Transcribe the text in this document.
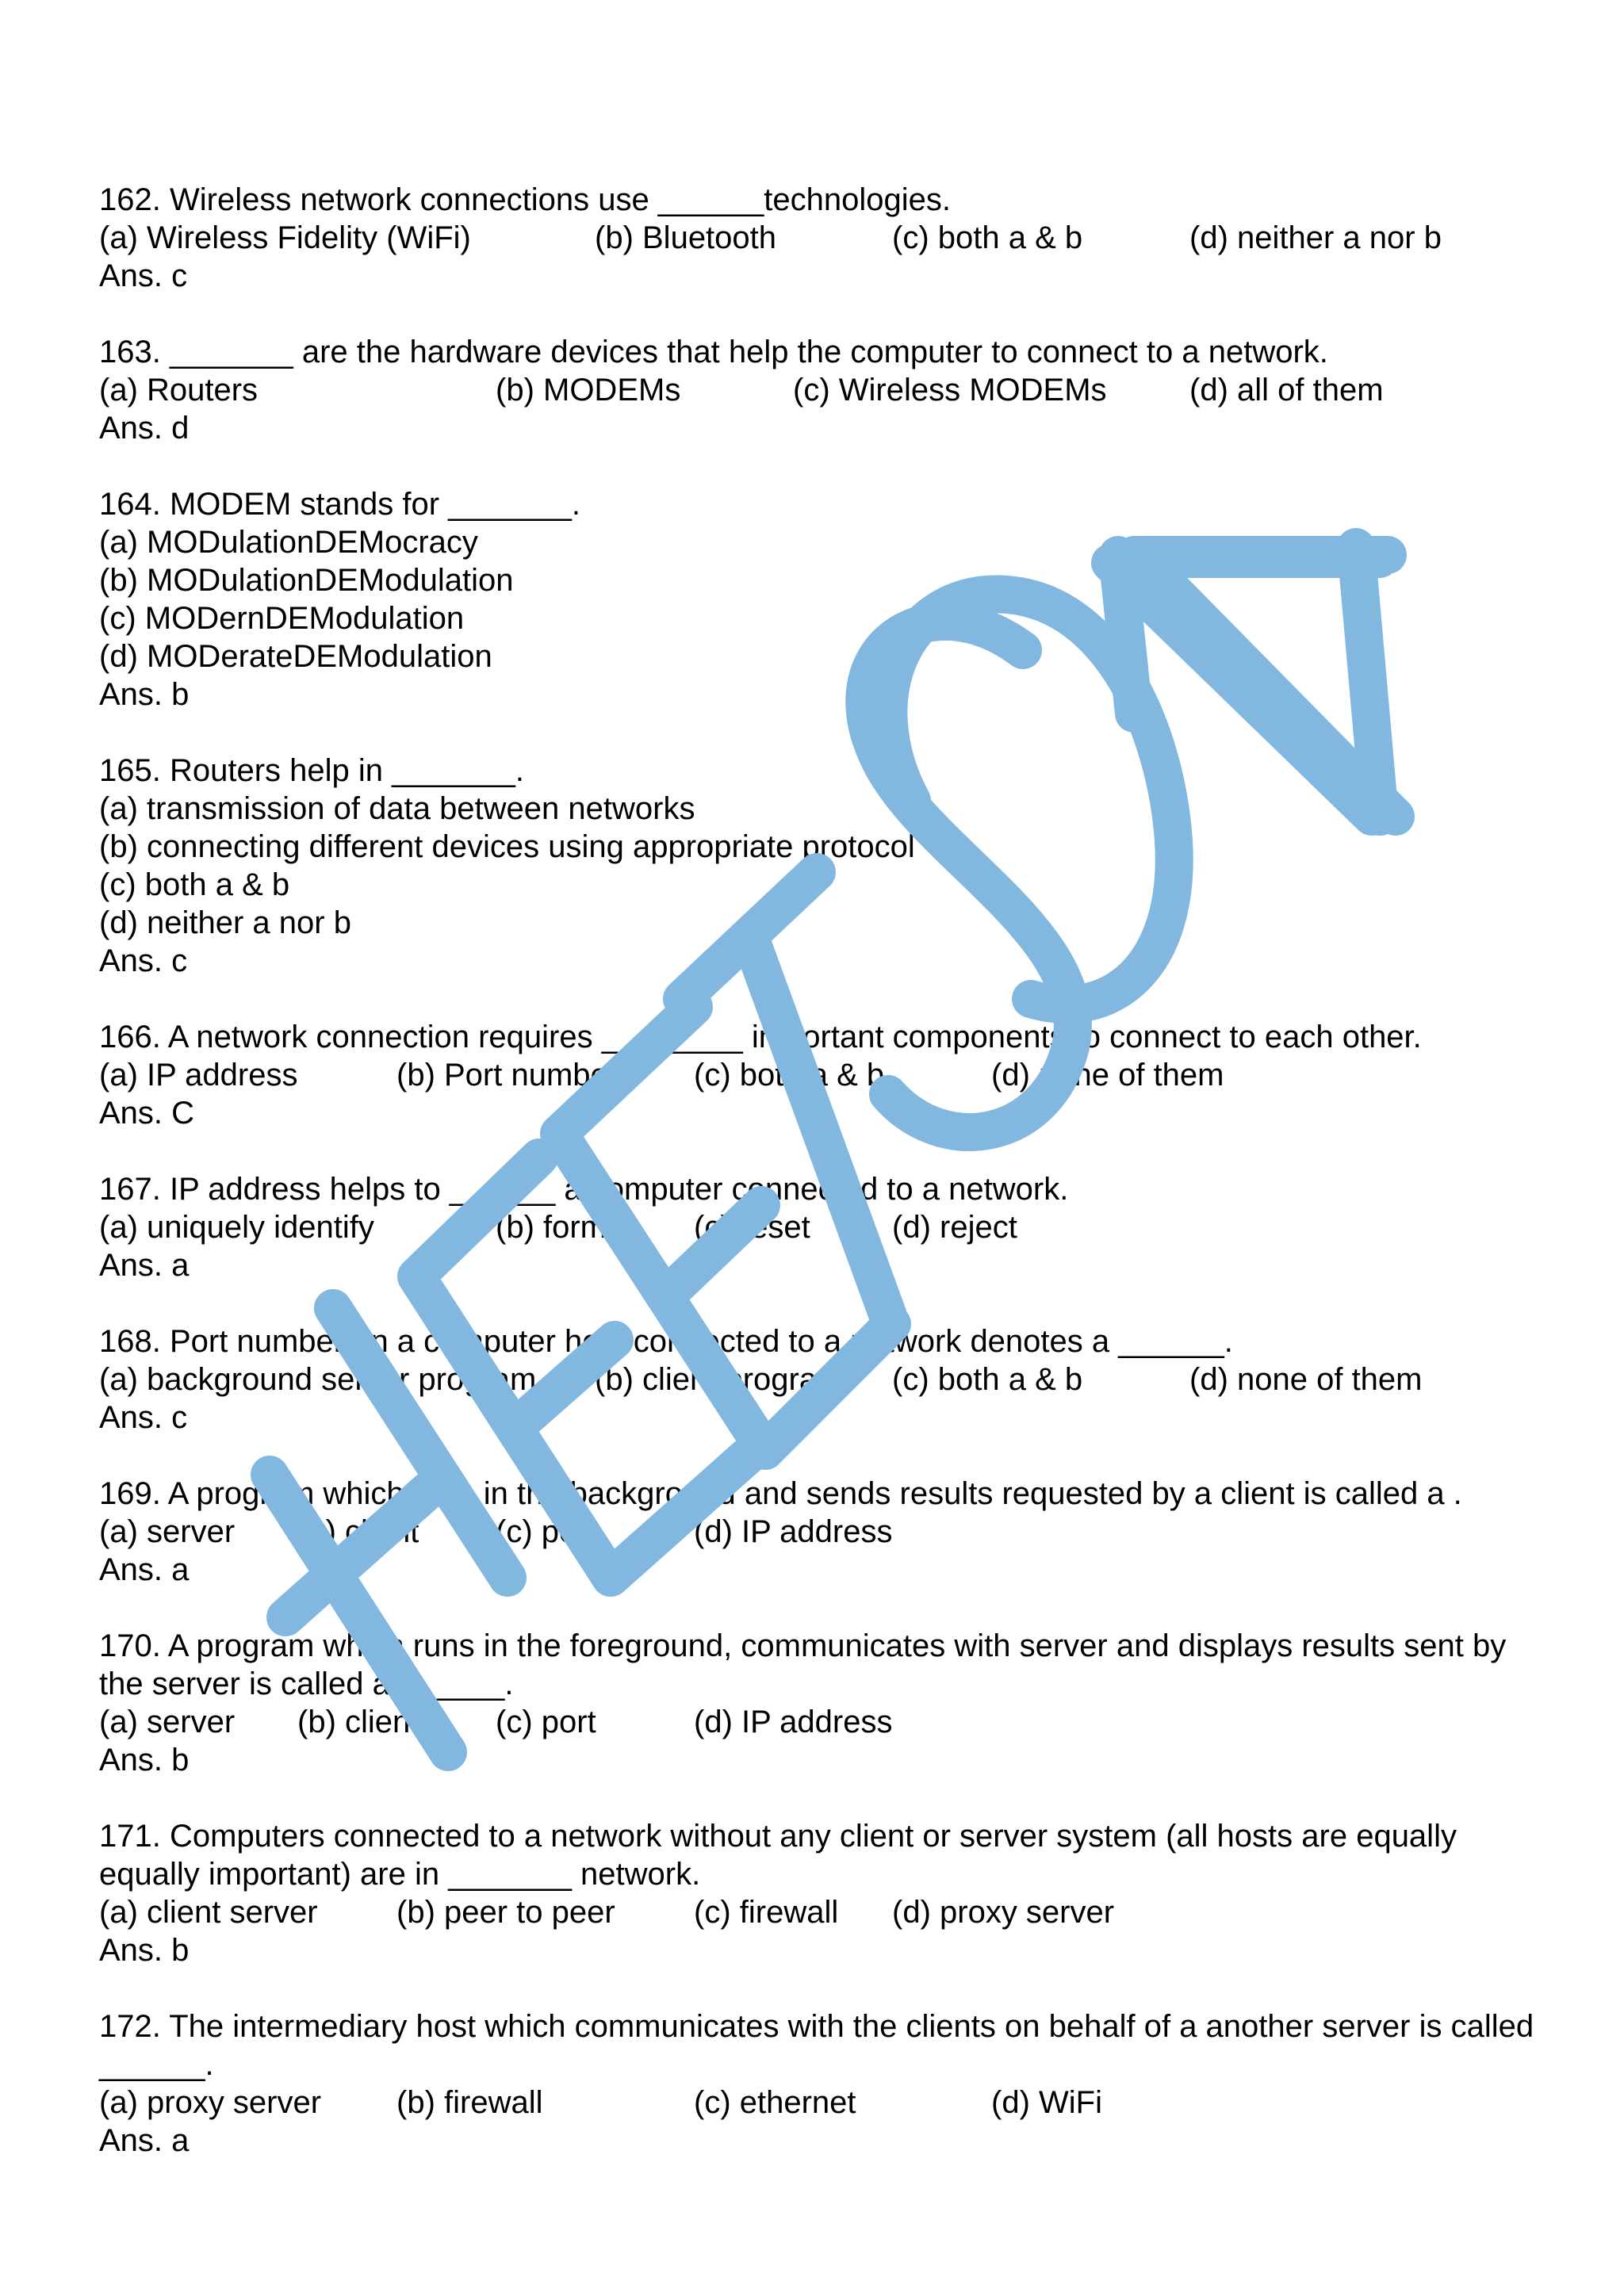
162. Wireless network connections use ______technologies.
(a) Wireless Fidelity (WiFi)	(b) Bluetooth	(c) both a & b	(d) neither a nor b
Ans. c
163. _______ are the hardware devices that help the computer to connect to a network.
(a) Routers	(b) MODEMs	(c) Wireless MODEMs	(d) all of them
Ans. d
164. MODEM stands for _______.
(a) MODulationDEMocracy
(b) MODulationDEModulation
(c) MODernDEModulation
(d) MODerateDEModulation
Ans. b
165. Routers help in _______.
(a) transmission of data between networks
(b) connecting different devices using appropriate protocol
(c) both a & b
(d) neither a nor b
Ans. c
166. A network connection requires ________ important components to connect to each other.
(a) IP address	(b) Port number (c) both a & b	(d) none of them
Ans. C
167. IP address helps to ______ a computer connected to a network.
(a) uniquely identify	(b) format (c) reset	(d) reject
Ans. a
168. Port number on a computer host connected to a network denotes a ______.
(a) background server program (b) client program (c) both a & b	(d) none of them
Ans. c
169. A program which runs in the background and sends results requested by a client is called a .
(a) server (b) client (c) port	(d) IP address
Ans. a
170. A program which runs in the foreground, communicates with server and displays results sent by the server is called a ______.
(a) server (b) client (c) port	(d) IP address
Ans. b
171. Computers connected to a network without any client or server system (all hosts are equally equally important) are in _______ network.
(a) client server (b) peer to peer (c) firewall (d) proxy server
Ans. b
172. The intermediary host which communicates with the clients on behalf of a another server is called ______.
(a) proxy server (b) firewall	(c) ethernet	(d) WiFi
Ans. a
